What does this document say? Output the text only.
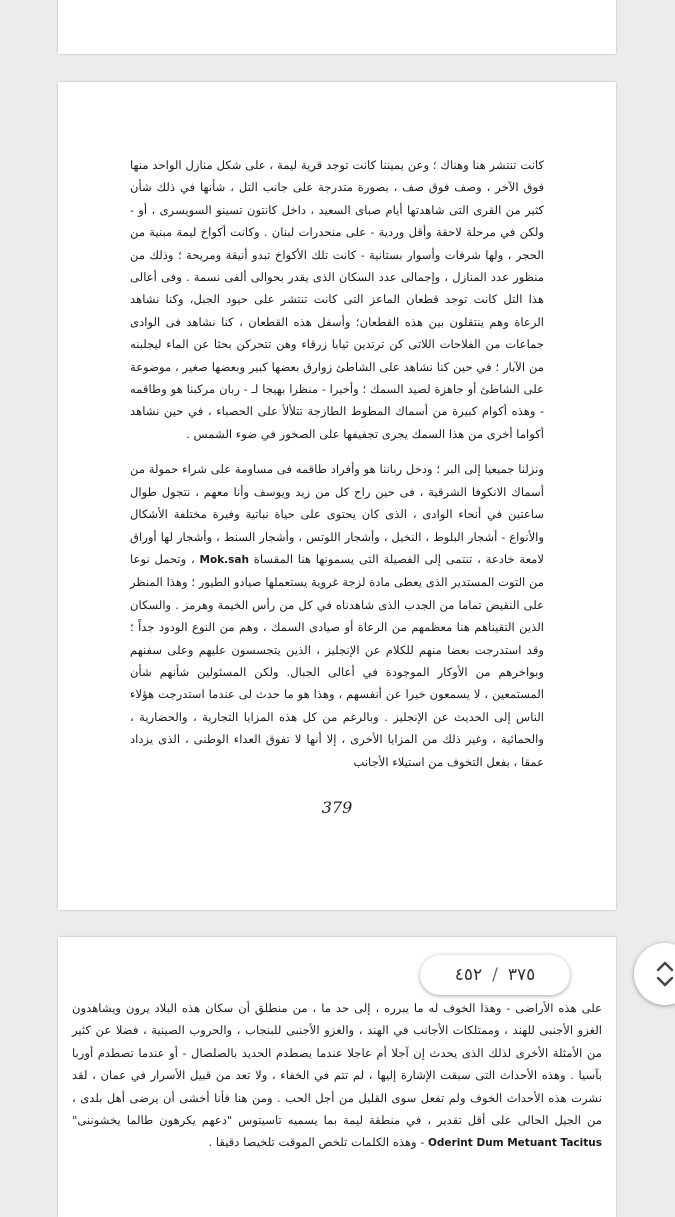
كانت تنتشر هنا وهناك ؛ وعن يميننا كانت توجد قرية ليمة ، على شكل منازل الواحد منها فوق الآخر ، وصف فوق صف ، بصورة متدرجة على جانب التل ، شأنها في ذلك شأن كثير من القرى التى شاهدتها أيام صباى السعيد ، داخل كانتون تسينو السويسرى ، أو - ولكن في مرحلة لاحقة وأقل وردية - على منحدرات لبنان . وكانت أكواخ ليمة مبنية من الحجر ، ولها شرفات وأسوار بستانية - كانت تلك الأكواخ تبدو أنيقة ومريحة ؛ وذلك من منظور عدد المنازل ، وإجمالى عدد السكان الذى يقدر بحوالى ألفى نسمة . وفى أعالى هذا التل كانت توجد قطعان الماعز التى كانت تنتشر على حيود الجبل، وكنا نشاهد الرعاة وهم ينتقلون بين هذه القطعان؛ وأسفل هذه القطعان ، كنا نشاهد فى الوادى جماعات من الفلاحات اللاتى كن ترتدين ثيابا زرقاء وهن تتحركن بحثا عن الماء ليجلبنه من الآبار ؛ في حين كنا نشاهد على الشاطئ زوارق بعضها كبير وبعضها صغير ، موضوعة على الشاطئ أو جاهزة لصيد السمك ؛ وأخيرا - منظرا بهيجا لـ - ربان مركبنا هو وطاقمه - وهذه أكوام كبيرة من أسماك المطوط الطازجة تتلألأ على الحصباء ، في حين نشاهد أكواما أخرى من هذا السمك يجرى تجفيفها على الصخور في ضوء الشمس .

ونزلنا جميعيا إلى البر ؛ ودخل رباننا هو وأفراد طاقمه فى مساومة على شراء حمولة من أسماك الانكوفا الشرقية ، فى حين راح كل من زيد ويوسف وأنا معهم ، نتجول طوال ساعتين في أنحاء الوادى ، الذى كان يحتوى على حياة نباتية وفيرة مختلفة الأشكال والأنواع - أشجار البلوط ، النخيل ، وأشجار اللوتس ، وأشجار السنط ، وأشجار لها أوراق لامعة خادعة ، تنتمى إلى الفصيلة التى يسمونها هنا المقساة Mok.sah ، وتحمل نوعا من التوت المستدير الذى يعطى مادة لزجة غروية يستعملها صيادو الطيور ؛ وهذا المنظر على النقيض تماما من الجدب الذى شاهدناه في كل من رأس الخيمة وهرمز . والسكان الذين التقيناهم هنا معظمهم من الرعاة أو صيادى السمك ، وهم من النوع الودود جداً ؛ وقد استدرجت بعضا منهم للكلام عن الإنجليز ، الذين يتجسسون عليهم وعلى سفنهم وبواخرهم من الأوكار الموجودة في أعالى الجبال. ولكن المسئولين شأنهم شأن المستمعين ، لا يسمعون خيرا عن أنفسهم ، وهذا هو ما حدث لى عندما استدرجت هؤلاء الناس إلى الحديث عن الإنجليز . وبالرغم من كل هذه المزايا التجارية ، والحضارية ، والحمائية ، وغير ذلك من المزايا الأخرى ، إلا أنها لا تفوق العداء الوطنى ، الذى يزداد عمقا ، بفعل التخوف من استيلاء الأجانب

379

على هذه الأراضى - وهذا الخوف له ما يبرره ، إلى حد ما ، من منطلق أن سكان هذه البلاد يرون ويشاهدون الغزو الأجنبى للهند ، وممتلكات الأجانب في الهند ، والغزو الأجنبى للبنجاب ، والحروب الصينية ، فضلا عن كثير من الأمثلة الأخرى لذلك الذى يحدث إن آجلا أم عاجلا عندما يصطدم الحديد بالصلصال - أو عندما تصطدم أوربا بآسيا . وهذه الأحداث التى سبقت الإشارة إليها ، لم تتم في الخفاء ، ولا تعد من قبيل الأسرار في عمان ، لقد نشرت هذه الأحداث الخوف ولم تفعل سوى القليل من أجل الحب . ومن هنا فأنا أخشى أن يرضى أهل بلدى ، من الجيل الحالى على أقل تقدير ، في منطقة ليمة بما يسميه تاسيتوس "دعهم يكرهون طالما يخشوننى" Oderint Dum Metuant Tacitus - وهذه الكلمات تلخص الموقت تلخيصا دقيقا .

٤٥٢ / ٣٧٥
